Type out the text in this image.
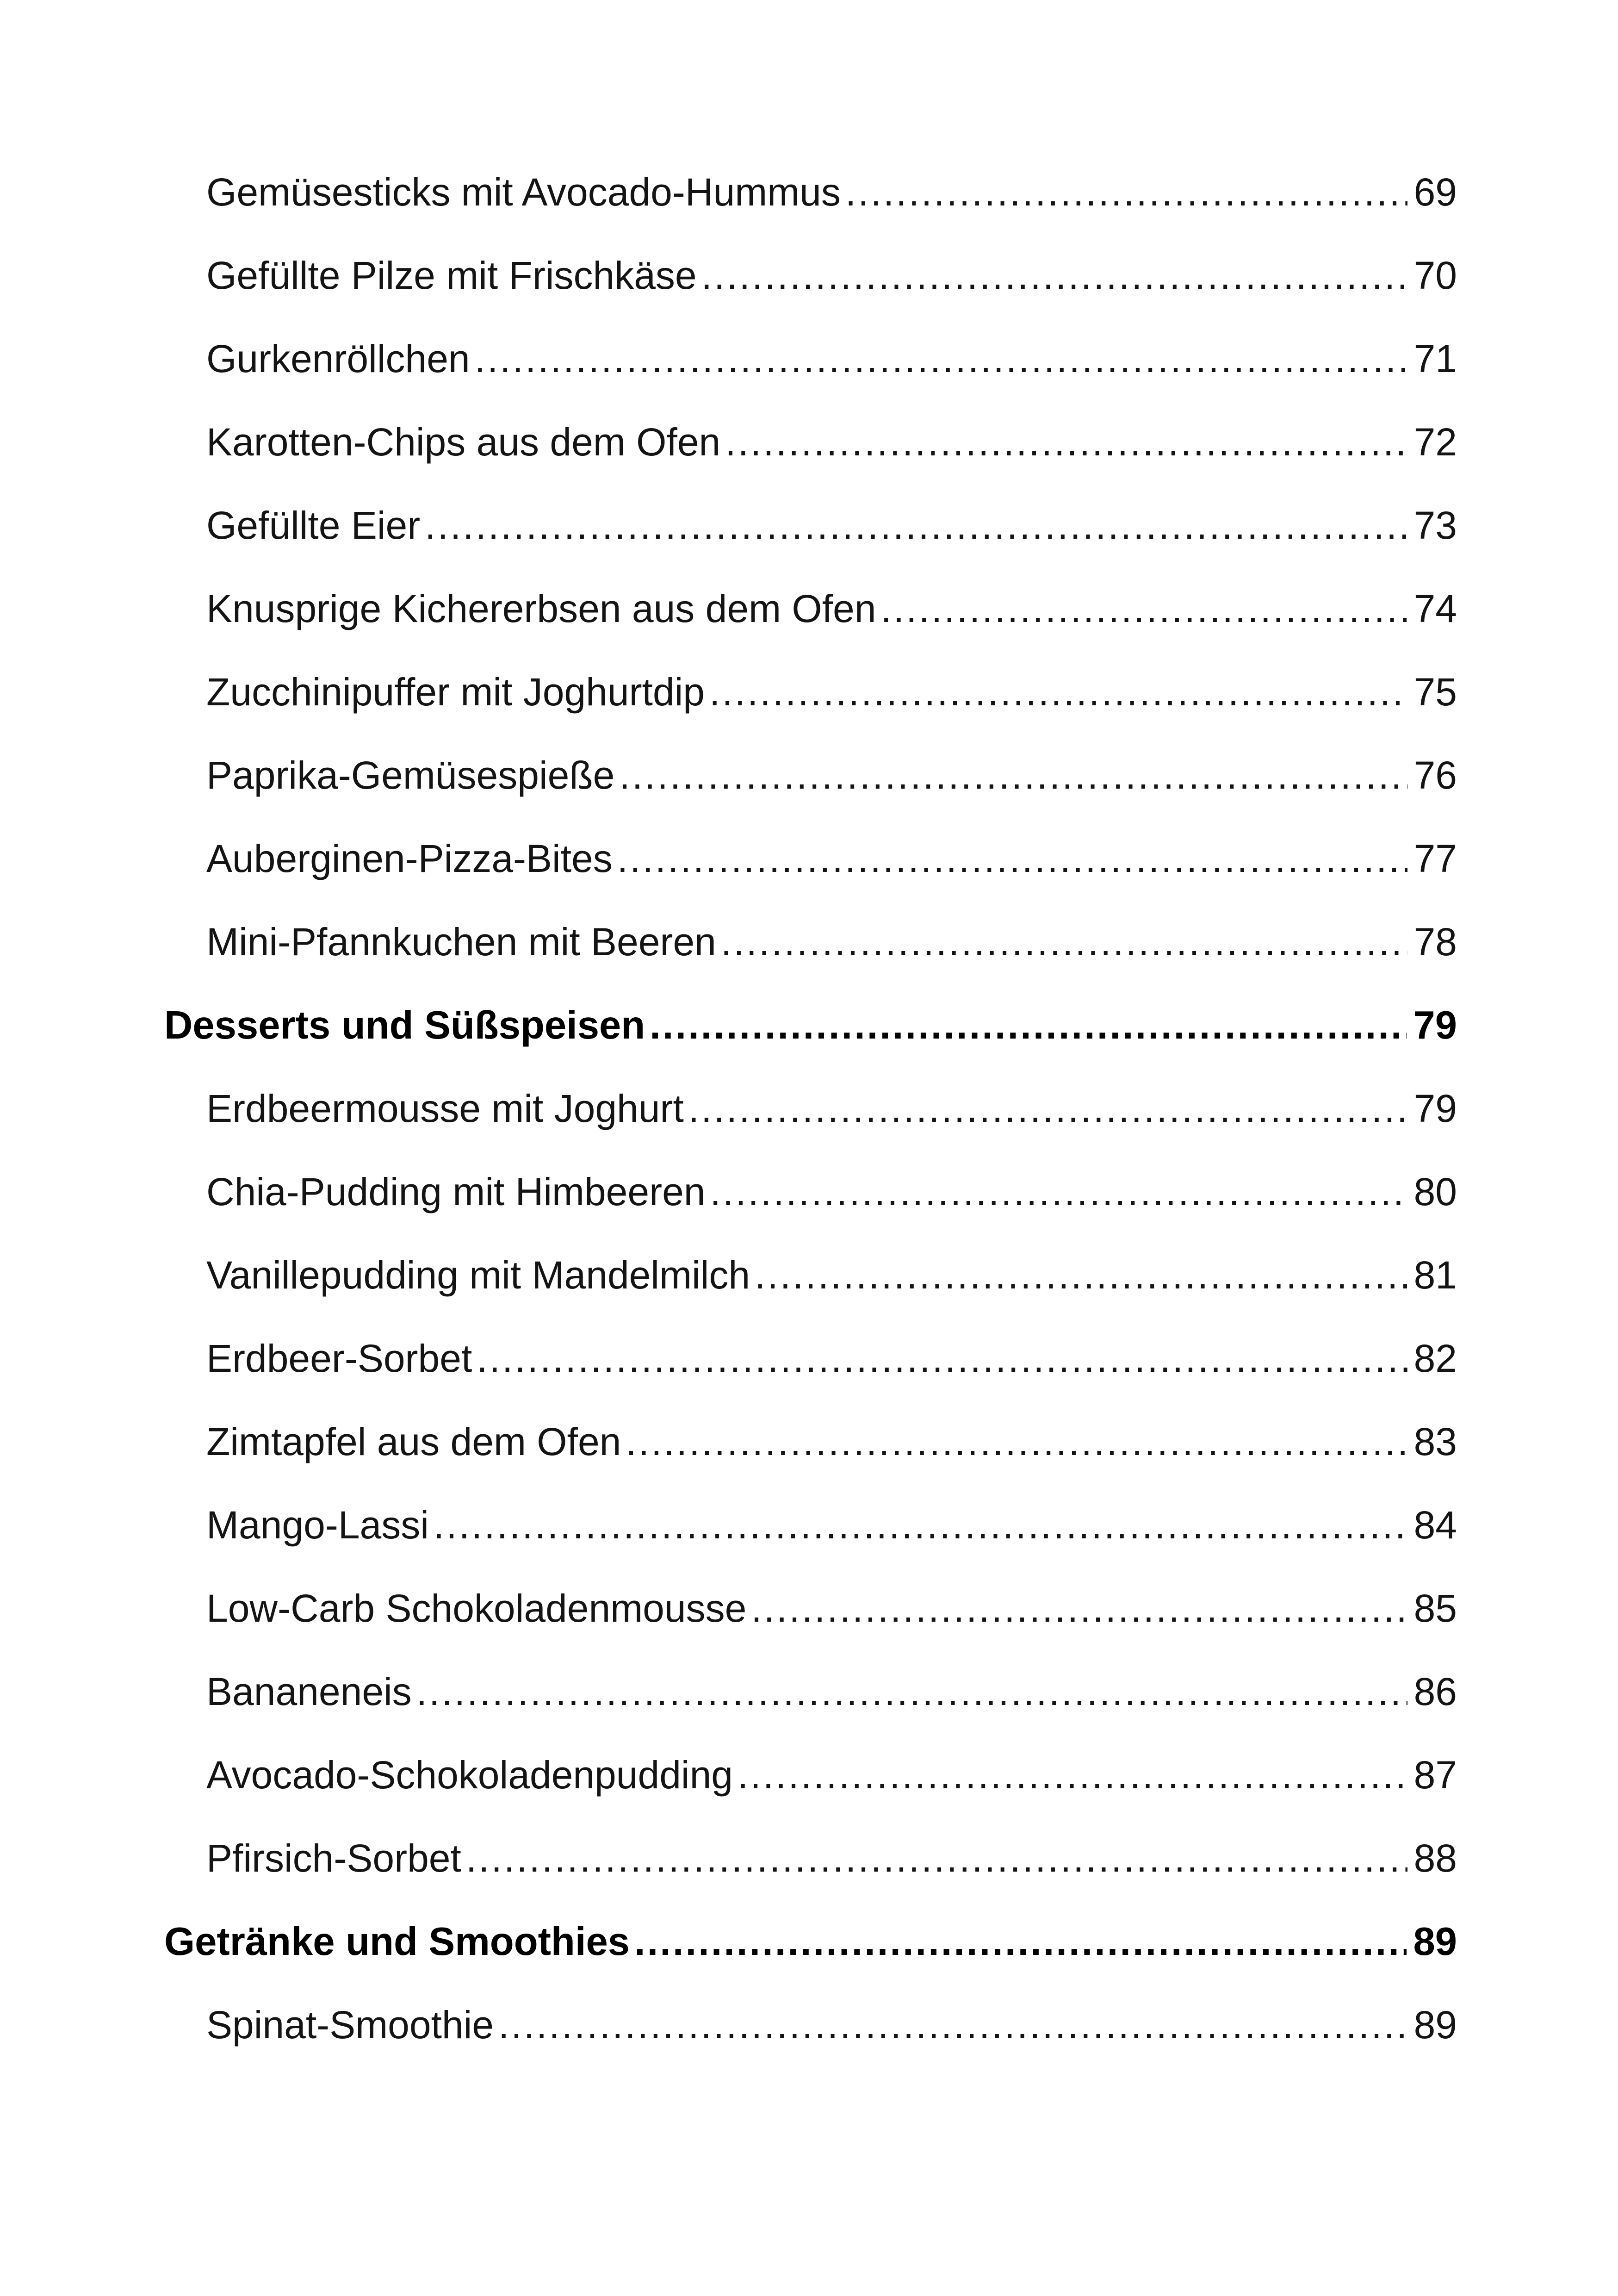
Gemüsesticks mit Avocado-Hummus .....	69
Gefüllte Pilze mit Frischkäse .....	70
Gurkenröllchen .....	71
Karotten-Chips aus dem Ofen .....	72
Gefüllte Eier .....	73
Knusprige Kichererbsen aus dem Ofen .....	74
Zucchinipuffer mit Joghurtdip .....	75
Paprika-Gemüsespieße .....	76
Auberginen-Pizza-Bites .....	77
Mini-Pfannkuchen mit Beeren .....	78
Desserts und Süßspeisen .....	79
Erdbeermousse mit Joghurt .....	79
Chia-Pudding mit Himbeeren .....	80
Vanillepudding mit Mandelmilch .....	81
Erdbeer-Sorbet .....	82
Zimtapfel aus dem Ofen .....	83
Mango-Lassi .....	84
Low-Carb Schokoladenmousse .....	85
Bananeneis .....	86
Avocado-Schokoladenpudding .....	87
Pfirsich-Sorbet .....	88
Getränke und Smoothies .....	89
Spinat-Smoothie .....	89
